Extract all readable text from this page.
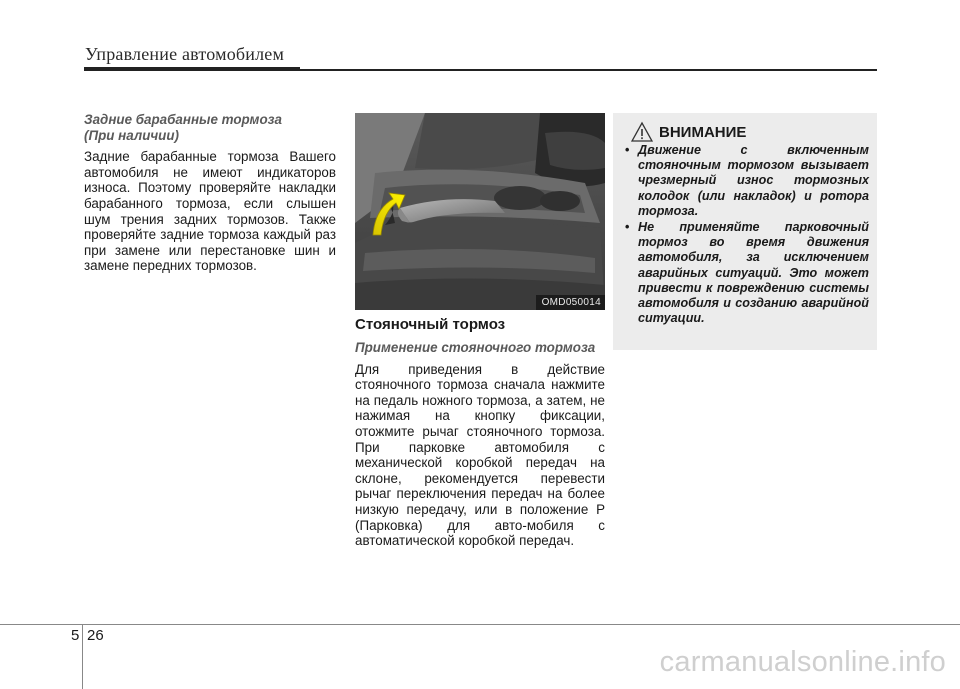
Управление автомобилем
Задние барабанные тормоза
(При наличии)

Задние барабанные тормоза Вашего автомобиля не имеют индикаторов износа. Поэтому проверяйте накладки барабанного тормоза, если слышен шум трения задних тормозов. Также проверяйте задние тормоза каждый раз при замене или перестановке шин и замене передних тормозов.

OMD050014
Стояночный тормоз
Применение стояночного тормоза

Для приведения в действие стояночного тормоза сначала нажмите на педаль ножного тормоза, а затем, не нажимая на кнопку фиксации, отожмите рычаг стояночного тормоза. При парковке автомобиля с механической коробкой передач на склоне, рекомендуется перевести рычаг переключения передач на более низкую передачу, или в положение P (Парковка) для авто-мобиля с автоматической коробкой передач.

ВНИМАНИЕ
• Движение с включенным стояночным тормозом вызывает чрезмерный износ тормозных колодок (или накладок) и ротора тормоза.
• Не применяйте парковочный тормоз во время движения автомобиля, за исключением аварийных ситуаций. Это может привести к повреждению системы автомобиля и созданию аварийной ситуации.
5 26
carmanualsonline.info
